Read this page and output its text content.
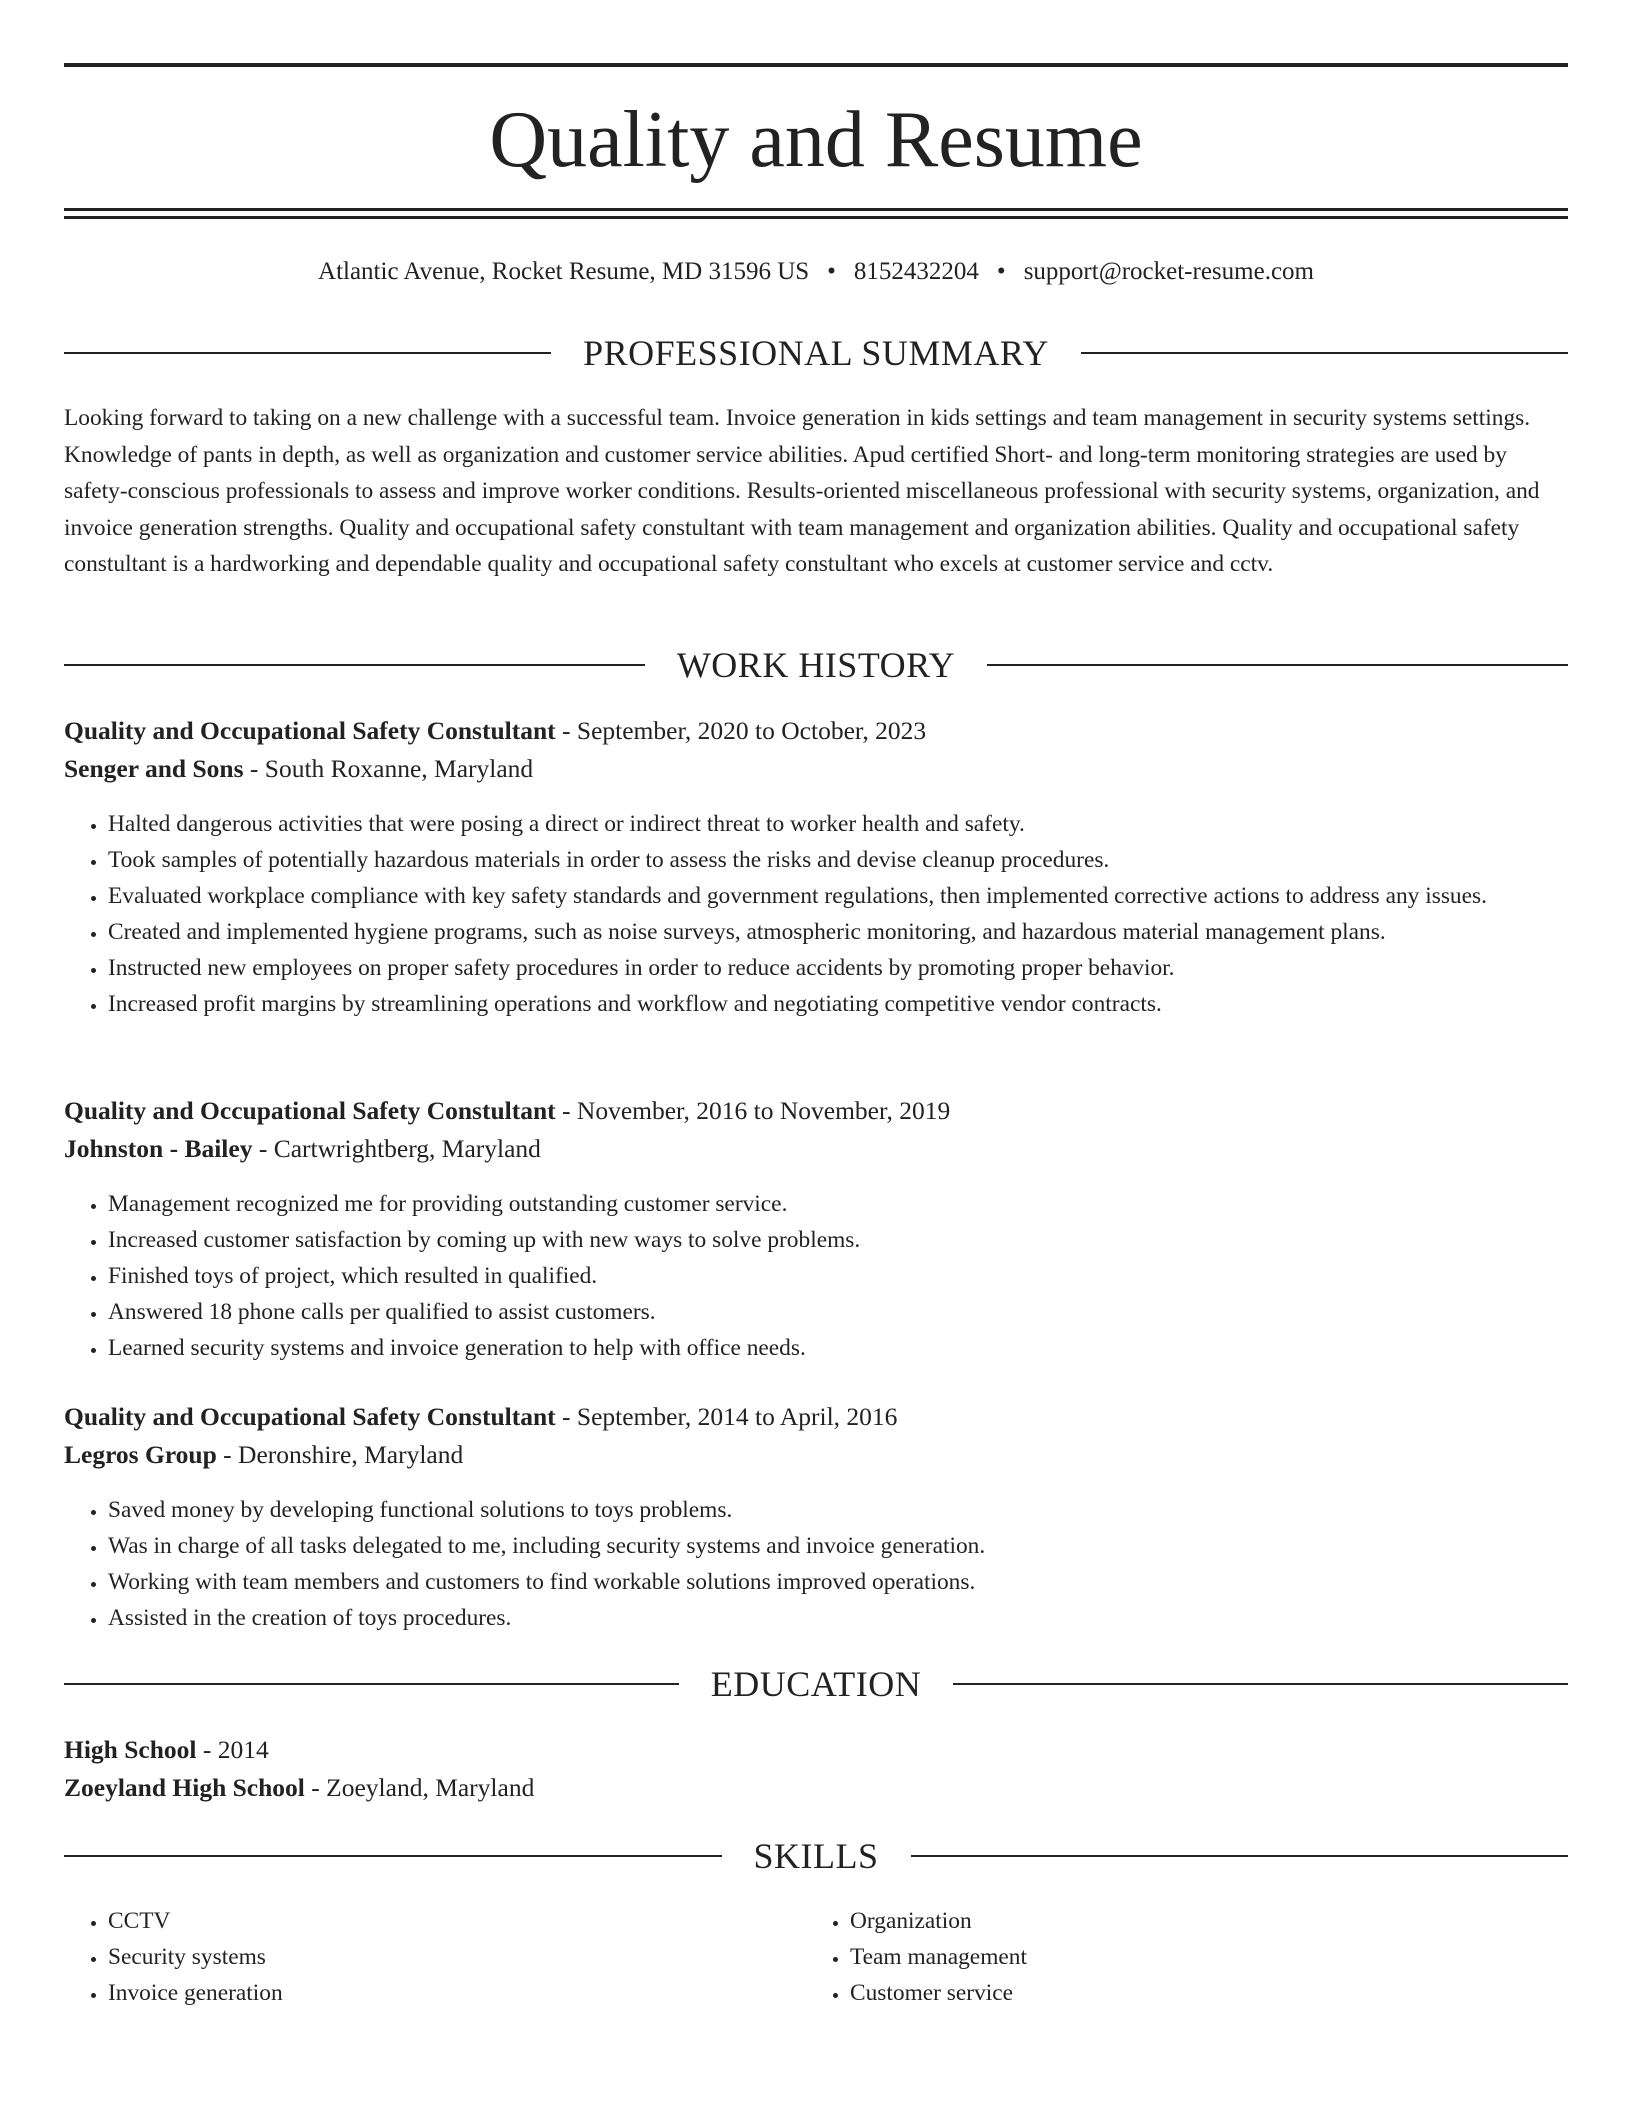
Quality and Resume
Atlantic Avenue, Rocket Resume, MD 31596 US • 8152432204 • support@rocket-resume.com
PROFESSIONAL SUMMARY

Looking forward to taking on a new challenge with a successful team. Invoice generation in kids settings and team management in security systems settings. Knowledge of pants in depth, as well as organization and customer service abilities. Apud certified Short- and long-term monitoring strategies are used by safety-conscious professionals to assess and improve worker conditions. Results-oriented miscellaneous professional with security systems, organization, and invoice generation strengths. Quality and occupational safety constultant with team management and organization abilities. Quality and occupational safety constultant is a hardworking and dependable quality and occupational safety constultant who excels at customer service and cctv.

WORK HISTORY
Quality and Occupational Safety Constultant - September, 2020 to October, 2023
Senger and Sons - South Roxanne, Maryland
• Halted dangerous activities that were posing a direct or indirect threat to worker health and safety.
• Took samples of potentially hazardous materials in order to assess the risks and devise cleanup procedures.
• Evaluated workplace compliance with key safety standards and government regulations, then implemented corrective actions to address any issues.
• Created and implemented hygiene programs, such as noise surveys, atmospheric monitoring, and hazardous material management plans.
• Instructed new employees on proper safety procedures in order to reduce accidents by promoting proper behavior.
• Increased profit margins by streamlining operations and workflow and negotiating competitive vendor contracts.
Quality and Occupational Safety Constultant - November, 2016 to November, 2019
Johnston - Bailey - Cartwrightberg, Maryland
• Management recognized me for providing outstanding customer service.
• Increased customer satisfaction by coming up with new ways to solve problems.
• Finished toys of project, which resulted in qualified.
• Answered 18 phone calls per qualified to assist customers.
• Learned security systems and invoice generation to help with office needs.
Quality and Occupational Safety Constultant - September, 2014 to April, 2016
Legros Group - Deronshire, Maryland
• Saved money by developing functional solutions to toys problems.
• Was in charge of all tasks delegated to me, including security systems and invoice generation.
• Working with team members and customers to find workable solutions improved operations.
• Assisted in the creation of toys procedures.
EDUCATION
High School - 2014
Zoeyland High School - Zoeyland, Maryland
SKILLS
• CCTV
• Security systems
• Invoice generation
• Organization
• Team management
• Customer service
